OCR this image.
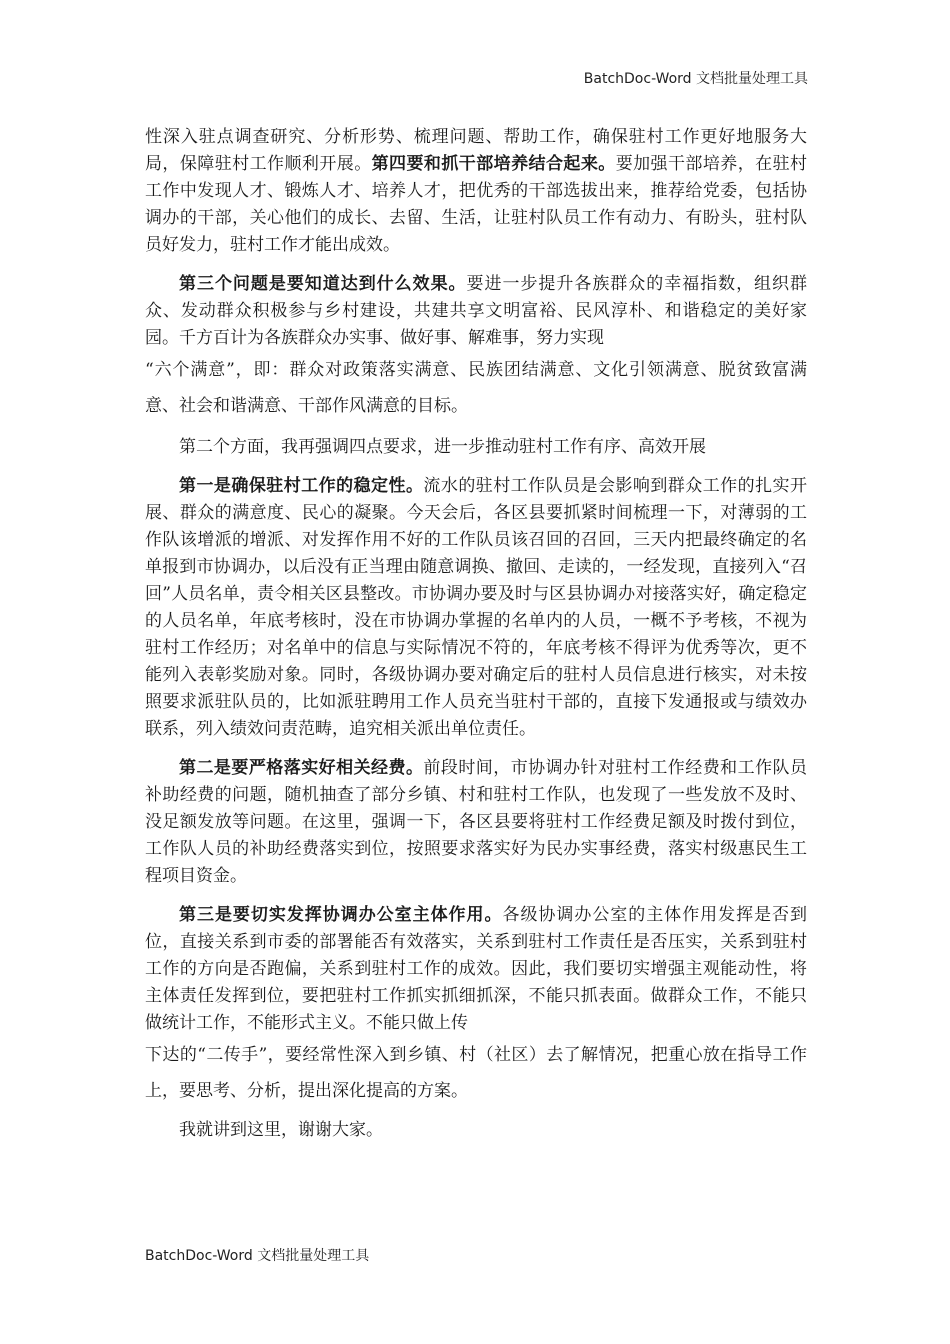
BatchDoc-Word 文档批量处理工具

性深入驻点调查研究、分析形势、梳理问题、帮助工作，确保驻村工作更好地服务大局，保障驻村工作顺利开展。第四要和抓干部培养结合起来。要加强干部培养，在驻村工作中发现人才、锻炼人才、培养人才，把优秀的干部选拔出来，推荐给党委，包括协调办的干部，关心他们的成长、去留、生活，让驻村队员工作有动力、有盼头，驻村队员好发力，驻村工作才能出成效。

第三个问题是要知道达到什么效果。要进一步提升各族群众的幸福指数，组织群众、发动群众积极参与乡村建设，共建共享文明富裕、民风淳朴、和谐稳定的美好家园。千方百计为各族群众办实事、做好事、解难事，努力实现

“六个满意”，即：群众对政策落实满意、民族团结满意、文化引领满意、脱贫致富满意、社会和谐满意、干部作风满意的目标。

第二个方面，我再强调四点要求，进一步推动驻村工作有序、高效开展

第一是确保驻村工作的稳定性。流水的驻村工作队员是会影响到群众工作的扎实开展、群众的满意度、民心的凝聚。今天会后，各区县要抓紧时间梳理一下，对薄弱的工作队该增派的增派、对发挥作用不好的工作队员该召回的召回，三天内把最终确定的名单报到市协调办，以后没有正当理由随意调换、撤回、走读的，一经发现，直接列入“召回”人员名单，责令相关区县整改。市协调办要及时与区县协调办对接落实好，确定稳定的人员名单，年底考核时，没在市协调办掌握的名单内的人员，一概不予考核，不视为驻村工作经历；对名单中的信息与实际情况不符的，年底考核不得评为优秀等次，更不能列入表彰奖励对象。同时，各级协调办要对确定后的驻村人员信息进行核实，对未按照要求派驻队员的，比如派驻聘用工作人员充当驻村干部的，直接下发通报或与绩效办联系，列入绩效问责范畴，追究相关派出单位责任。

第二是要严格落实好相关经费。前段时间，市协调办针对驻村工作经费和工作队员补助经费的问题，随机抽查了部分乡镇、村和驻村工作队，也发现了一些发放不及时、没足额发放等问题。在这里，强调一下，各区县要将驻村工作经费足额及时拨付到位，工作队人员的补助经费落实到位，按照要求落实好为民办实事经费，落实村级惠民生工程项目资金。

第三是要切实发挥协调办公室主体作用。各级协调办公室的主体作用发挥是否到位，直接关系到市委的部署能否有效落实，关系到驻村工作责任是否压实，关系到驻村工作的方向是否跑偏，关系到驻村工作的成效。因此，我们要切实增强主观能动性，将主体责任发挥到位，要把驻村工作抓实抓细抓深，不能只抓表面。做群众工作，不能只做统计工作，不能形式主义。不能只做上传

下达的“二传手”，要经常性深入到乡镇、村（社区）去了解情况，把重心放在指导工作上，要思考、分析，提出深化提高的方案。

我就讲到这里，谢谢大家。

BatchDoc-Word 文档批量处理工具
